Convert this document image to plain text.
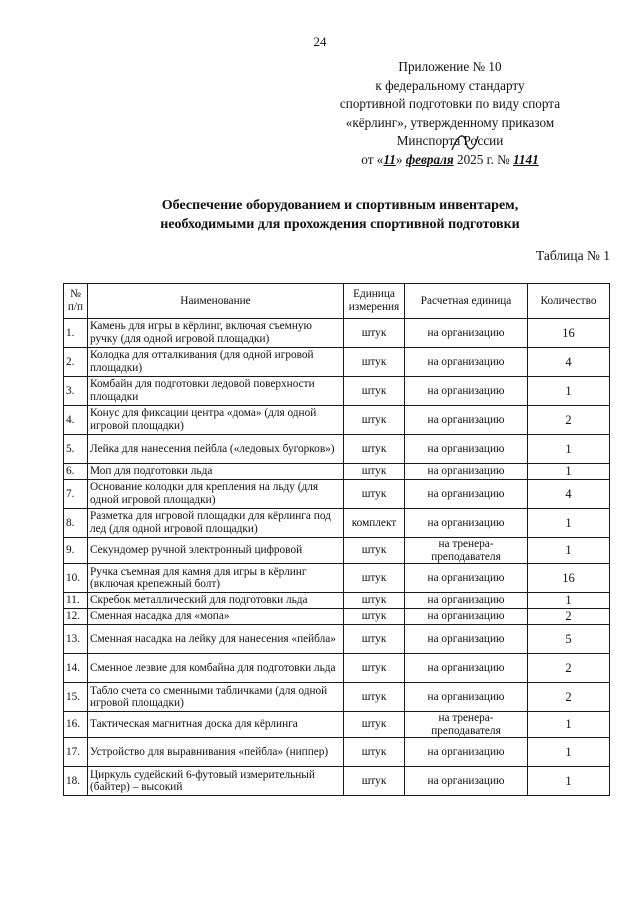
24
Приложение № 10
к федеральному стандарту
спортивной подготовки по виду спорта
«кёрлинг», утвержденному приказом
Минспорта России
от «11» февраля 2025 г. № 1141
Обеспечение оборудованием и спортивным инвентарем,
необходимыми для прохождения спортивной подготовки
Таблица № 1
№ п/п	Наименование	Единица измерения	Расчетная единица	Количество
1.	Камень для игры в кёрлинг, включая съемную ручку (для одной игровой площадки)	штук	на организацию	16
2.	Колодка для отталкивания (для одной игровой площадки)	штук	на организацию	4
3.	Комбайн для подготовки ледовой поверхности площадки	штук	на организацию	1
4.	Конус для фиксации центра «дома» (для одной игровой площадки)	штук	на организацию	2
5.	Лейка для нанесения пейбла («ледовых бугорков»)	штук	на организацию	1
6.	Моп для подготовки льда	штук	на организацию	1
7.	Основание колодки для крепления на льду (для одной игровой площадки)	штук	на организацию	4
8.	Разметка для игровой площадки для кёрлинга под лед (для одной игровой площадки)	комплект	на организацию	1
9.	Секундомер ручной электронный цифровой	штук	на тренера-преподавателя	1
10.	Ручка съемная для камня для игры в кёрлинг (включая крепежный болт)	штук	на организацию	16
11.	Скребок металлический для подготовки льда	штук	на организацию	1
12.	Сменная насадка для «мопа»	штук	на организацию	2
13.	Сменная насадка на лейку для нанесения «пейбла»	штук	на организацию	5
14.	Сменное лезвие для комбайна для подготовки льда	штук	на организацию	2
15.	Табло счета со сменными табличками (для одной игровой площадки)	штук	на организацию	2
16.	Тактическая магнитная доска для кёрлинга	штук	на тренера-преподавателя	1
17.	Устройство для выравнивания «пейбла» (ниппер)	штук	на организацию	1
18.	Циркуль судейский 6-футовый измерительный (байтер) – высокий	штук	на организацию	1
